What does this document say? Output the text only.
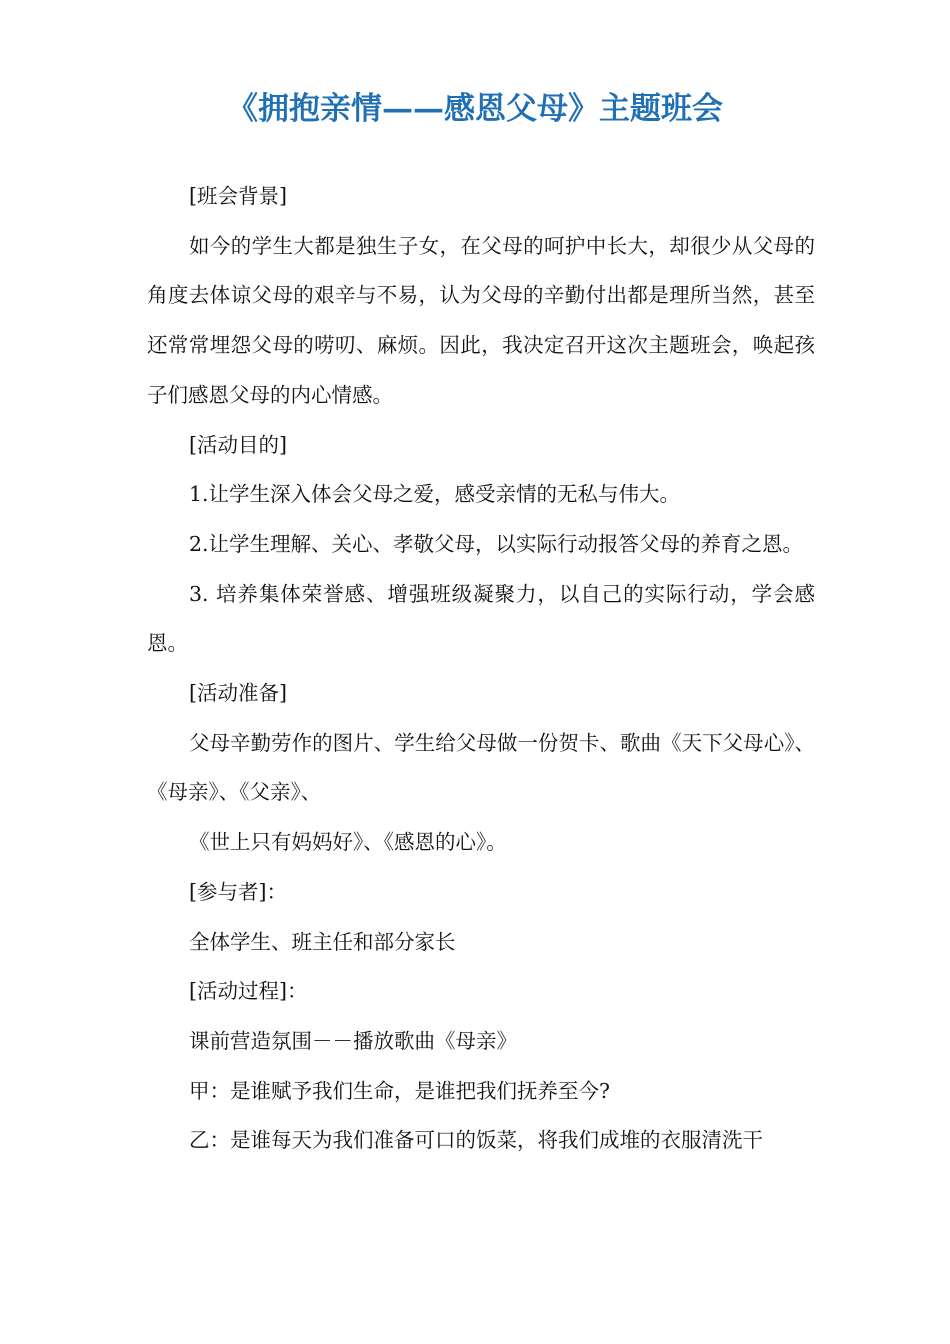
《拥抱亲情——感恩父母》主题班会

[班会背景]

如今的学生大都是独生子女，在父母的呵护中长大，却很少从父母的角度去体谅父母的艰辛与不易，认为父母的辛勤付出都是理所当然，甚至还常常埋怨父母的唠叨、麻烦。因此，我决定召开这次主题班会，唤起孩子们感恩父母的内心情感。

[活动目的]

1.让学生深入体会父母之爱，感受亲情的无私与伟大。

2.让学生理解、关心、孝敬父母，以实际行动报答父母的养育之恩。

3. 培养集体荣誉感、增强班级凝聚力，以自己的实际行动，学会感恩。

[活动准备]

父母辛勤劳作的图片、学生给父母做一份贺卡、歌曲《天下父母心》、 《母亲》、《父亲》、

《世上只有妈妈好》、《感恩的心》。

[参与者]：

全体学生、班主任和部分家长

[活动过程]：

课前营造氛围－－播放歌曲《母亲》

甲：是谁赋予我们生命，是谁把我们抚养至今?

乙：是谁每天为我们准备可口的饭菜，将我们成堆的衣服清洗干
